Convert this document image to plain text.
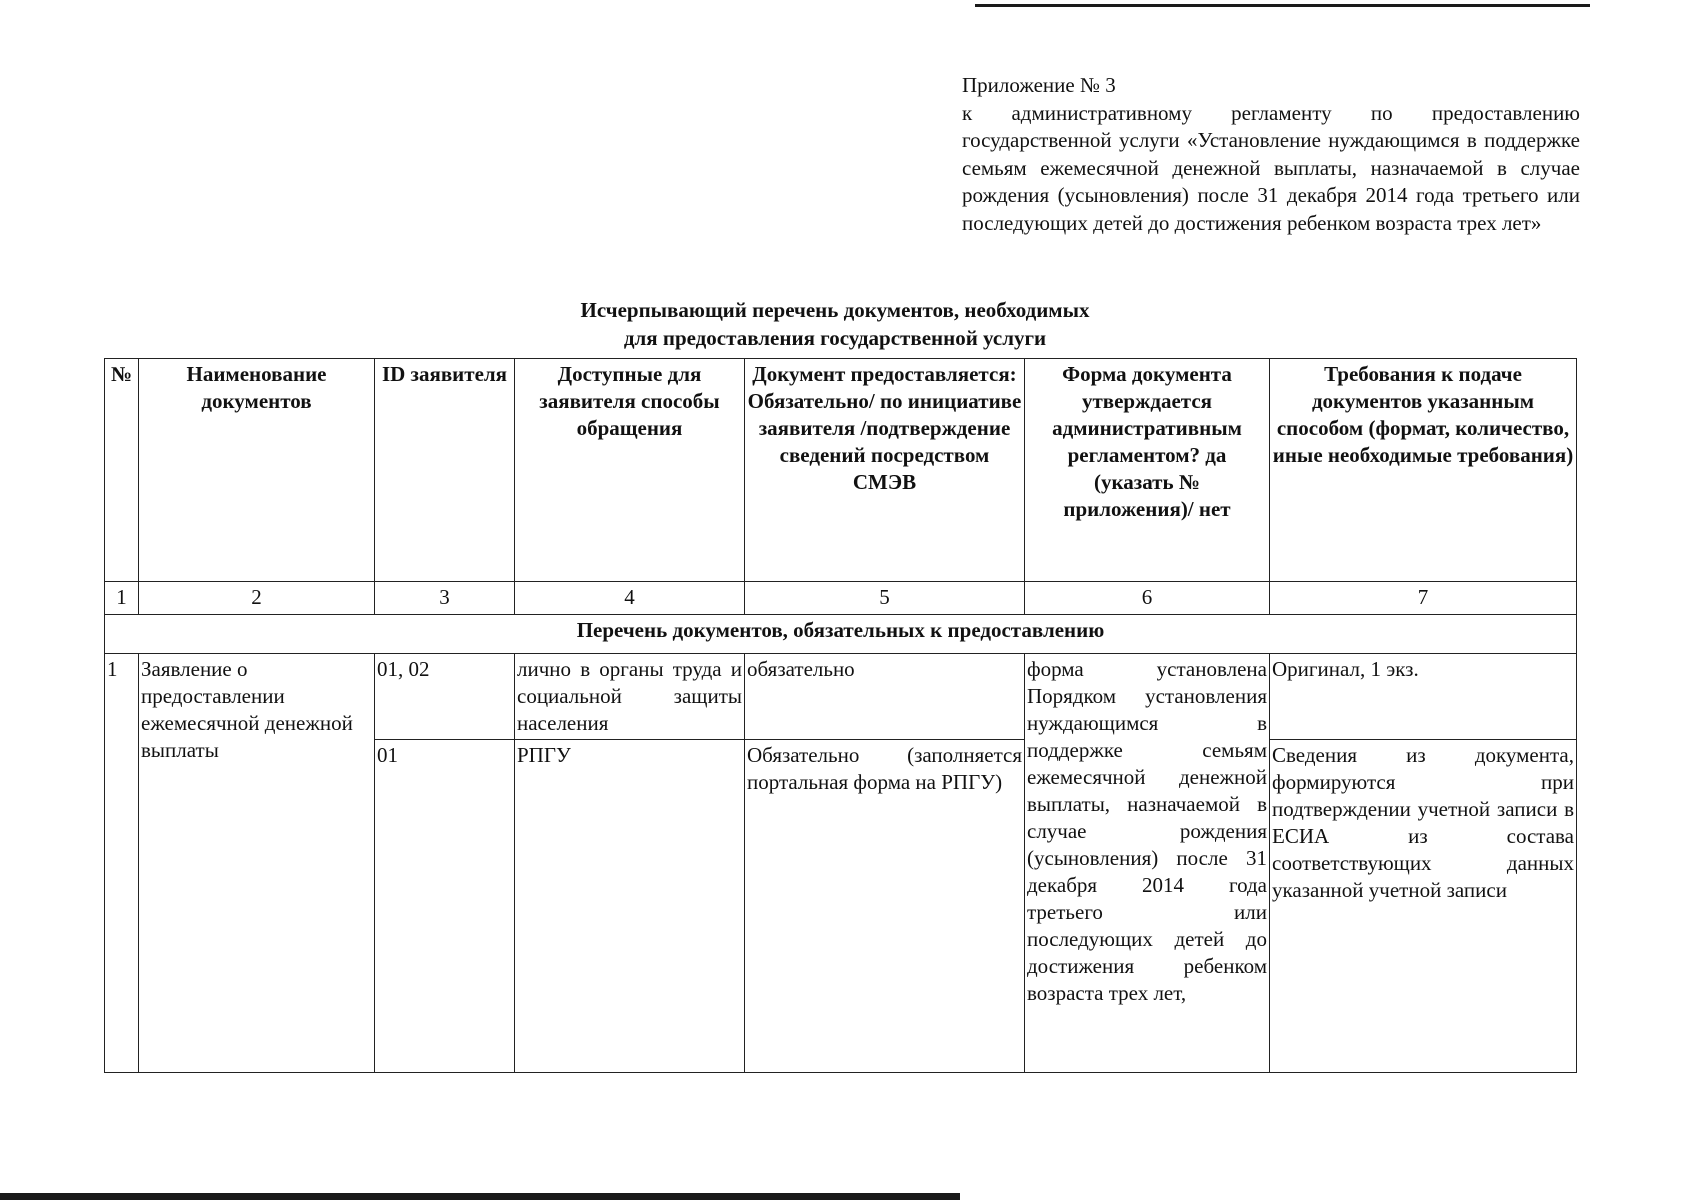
Приложение № 3
к административному регламенту по предоставлению государственной услуги «Установление нуждающимся в поддержке семьям ежемесячной денежной выплаты, назначаемой в случае рождения (усыновления) после 31 декабря 2014 года третьего или последующих детей до достижения ребенком возраста трех лет»
Исчерпывающий перечень документов, необходимых
для предоставления государственной услуги
№	Наименование документов	ID заявителя	Доступные для заявителя способы обращения	Документ предоставляется: Обязательно/ по инициативе заявителя /подтверждение сведений посредством СМЭВ	Форма документа утверждается административным регламентом? да (указать № приложения)/ нет	Требования к подаче документов указанным способом (формат, количество, иные необходимые требования)
1	2	3	4	5	6	7
Перечень документов, обязательных к предоставлению						
1	Заявление о предоставлении ежемесячной денежной выплаты	01, 02	лично в органы труда и социальной защиты населения	обязательно	форма установлена Порядком установления нуждающимся в поддержке семьям ежемесячной денежной выплаты, назначаемой в случае рождения (усыновления) после 31 декабря 2014 года третьего или последующих детей до достижения ребенком возраста трех лет,	Оригинал, 1 экз.
		01	РПГУ	Обязательно (заполняется портальная форма на РПГУ)		Сведения из документа, формируются при подтверждении учетной записи в ЕСИА из состава соответствующих данных указанной учетной записи
